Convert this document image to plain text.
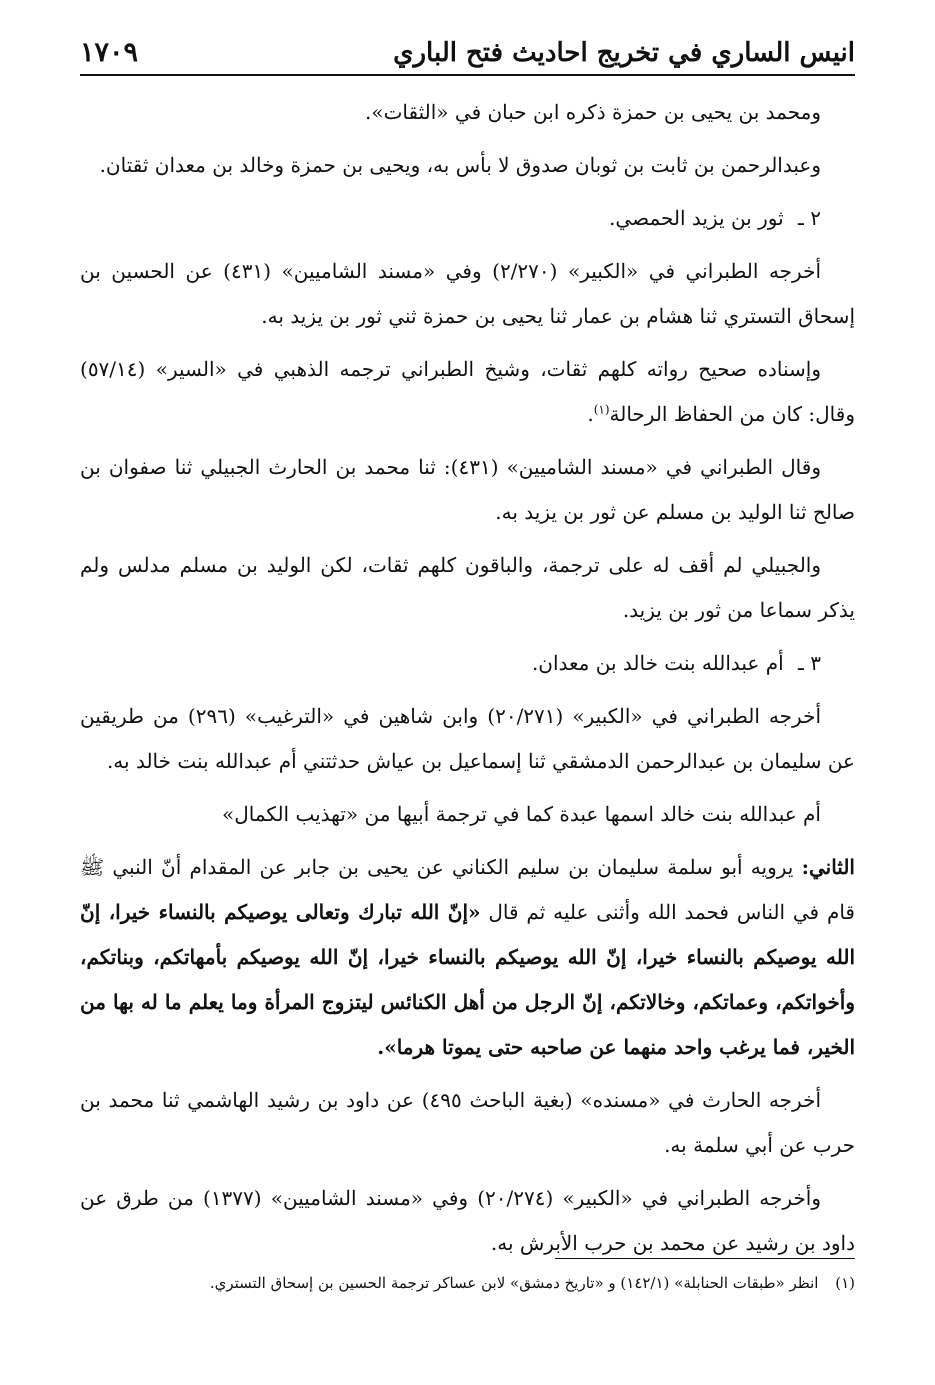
انيس الساري في تخريج احاديث فتح الباري
١٧٠٩

ومحمد بن يحيى بن حمزة ذكره ابن حبان في «الثقات».

وعبدالرحمن بن ثابت بن ثوبان صدوق لا بأس به، ويحيى بن حمزة وخالد بن معدان ثقتان.

٢ ـ ثور بن يزيد الحمصي.

أخرجه الطبراني في «الكبير» (٢/٢٧٠) وفي «مسند الشاميين» (٤٣١) عن الحسين بن إسحاق التستري ثنا هشام بن عمار ثنا يحيى بن حمزة ثني ثور بن يزيد به.

وإسناده صحيح رواته كلهم ثقات، وشيخ الطبراني ترجمه الذهبي في «السير» (٥٧/١٤) وقال: كان من الحفاظ الرحالة$^{(١)}$.

وقال الطبراني في «مسند الشاميين» (٤٣١): ثنا محمد بن الحارث الجبيلي ثنا صفوان بن صالح ثنا الوليد بن مسلم عن ثور بن يزيد به.

والجبيلي لم أقف له على ترجمة، والباقون كلهم ثقات، لكن الوليد بن مسلم مدلس ولم يذكر سماعا من ثور بن يزيد.

٣ ـ أم عبدالله بنت خالد بن معدان.

أخرجه الطبراني في «الكبير» (٢٠/٢٧١) وابن شاهين في «الترغيب» (٢٩٦) من طريقين عن سليمان بن عبدالرحمن الدمشقي ثنا إسماعيل بن عياش حدثتني أم عبدالله بنت خالد به.

أم عبدالله بنت خالد اسمها عبدة كما في ترجمة أبيها من «تهذيب الكمال»

الثاني: يرويه أبو سلمة سليمان بن سليم الكناني عن يحيى بن جابر عن المقدام أنّ النبي ﷺ قام في الناس فحمد الله وأثنى عليه ثم قال «إنّ الله تبارك وتعالى يوصيكم بالنساء خيرا، إنّ الله يوصيكم بالنساء خيرا، إنّ الله يوصيكم بالنساء خيرا، إنّ الله يوصيكم بأمهاتكم، وبناتكم، وأخواتكم، وعماتكم، وخالاتكم، إنّ الرجل من أهل الكنائس ليتزوج المرأة وما يعلم ما له بها من الخير، فما يرغب واحد منهما عن صاحبه حتى يموتا هرما».

أخرجه الحارث في «مسنده» (بغية الباحث ٤٩٥) عن داود بن رشيد الهاشمي ثنا محمد بن حرب عن أبي سلمة به.

وأخرجه الطبراني في «الكبير» (٢٠/٢٧٤) وفي «مسند الشاميين» (١٣٧٧) من طرق عن داود بن رشيد عن محمد بن حرب الأبرش به.

(١) انظر «طبقات الحنابلة» (١٤٢/١) و «تاريخ دمشق» لابن عساكر ترجمة الحسين بن إسحاق التستري.
